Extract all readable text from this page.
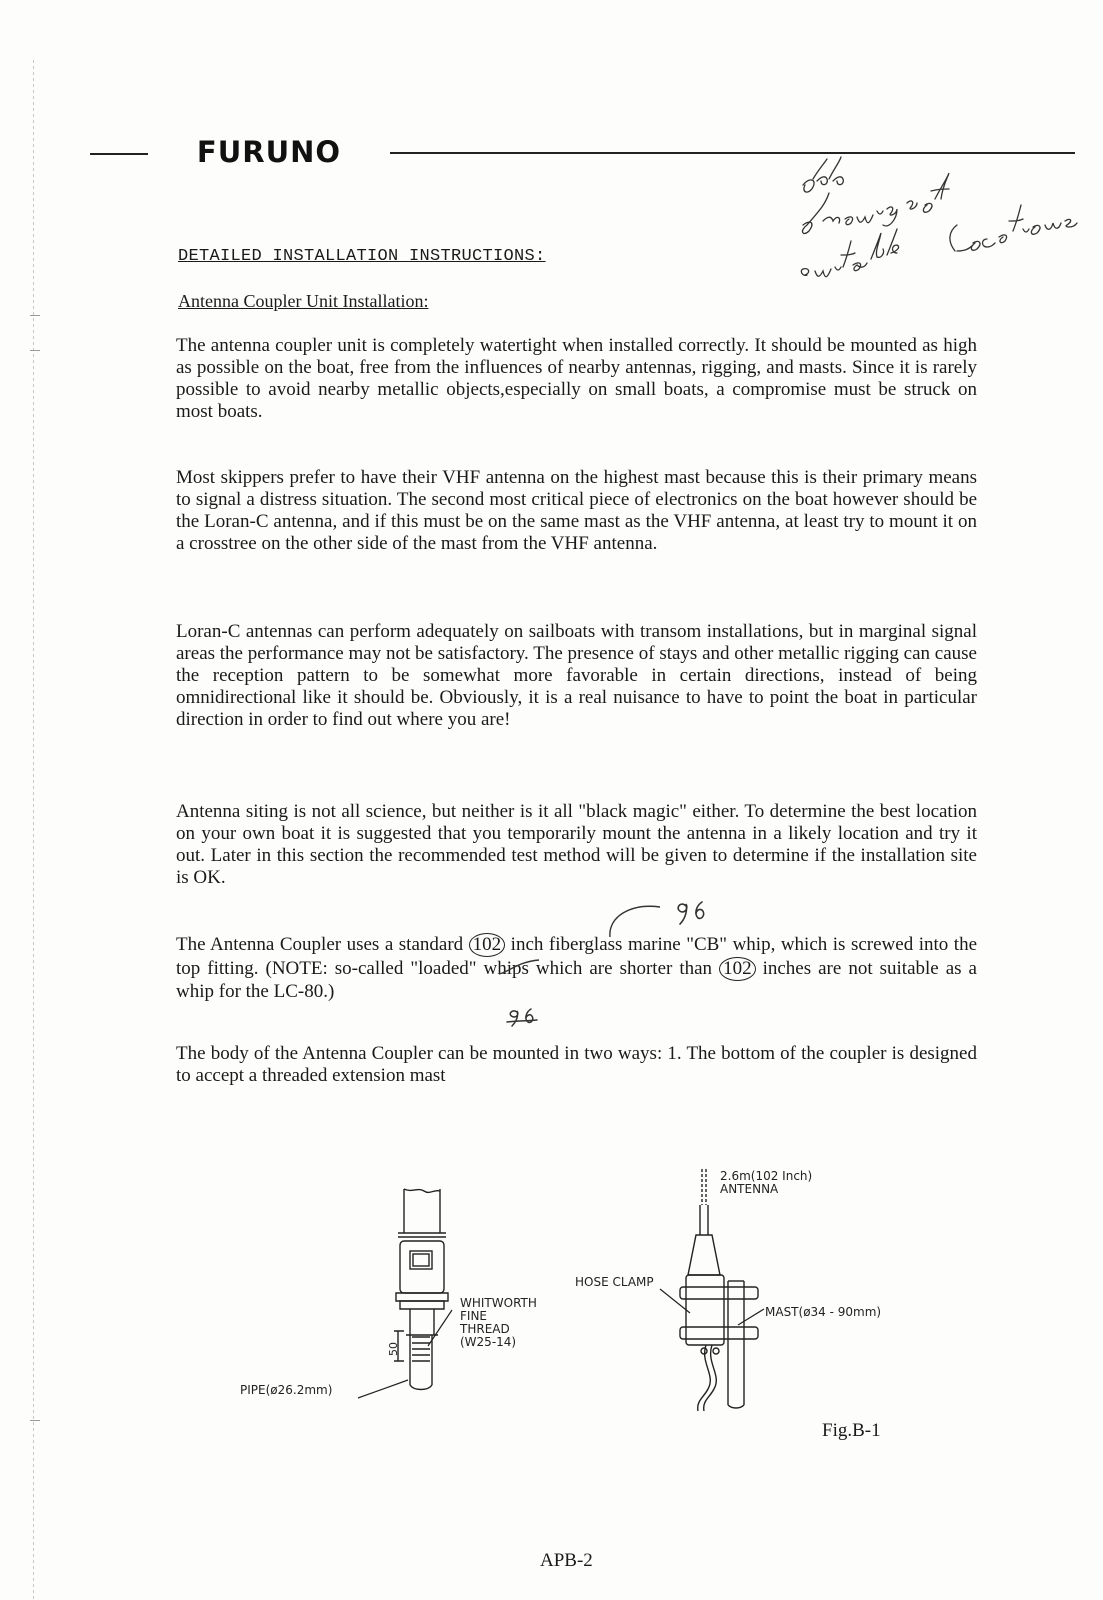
FURUNO
DETAILED INSTALLATION INSTRUCTIONS:
Antenna Coupler Unit Installation:

The antenna coupler unit is completely watertight when installed correctly. It should be mounted as high as possible on the boat, free from the influences of nearby antennas, rigging, and masts. Since it is rarely possible to avoid nearby metallic objects,especially on small boats, a compromise must be struck on most boats.

Most skippers prefer to have their VHF antenna on the highest mast because this is their primary means to signal a distress situation. The second most critical piece of electronics on the boat however should be the Loran-C antenna, and if this must be on the same mast as the VHF antenna, at least try to mount it on a crosstree on the other side of the mast from the VHF antenna.

Loran-C antennas can perform adequately on sailboats with transom installations, but in marginal signal areas the performance may not be satisfactory. The presence of stays and other metallic rigging can cause the reception pattern to be somewhat more favorable in certain directions, instead of being omnidirectional like it should be. Obviously, it is a real nuisance to have to point the boat in particular direction in order to find out where you are!

Antenna siting is not all science, but neither is it all "black magic" either. To determine the best location on your own boat it is suggested that you temporarily mount the antenna in a likely location and try it out. Later in this section the recommended test method will be given to determine if the installation site is OK.

The Antenna Coupler uses a standard 102 inch fiberglass marine "CB" whip, which is screwed into the top fitting. (NOTE: so-called "loaded" whips which are shorter than 102 inches are not suitable as a whip for the LC-80.)

The body of the Antenna Coupler can be mounted in two ways: 1. The bottom of the coupler is designed to accept a threaded extension mast

96
96
50
WHITWORTH
FINE
THREAD
(W25-14)
PIPE(ø26.2mm)
2.6m(102 Inch)
ANTENNA
HOSE CLAMP
MAST(ø34 - 90mm)
Fig.B-1
APB-2
